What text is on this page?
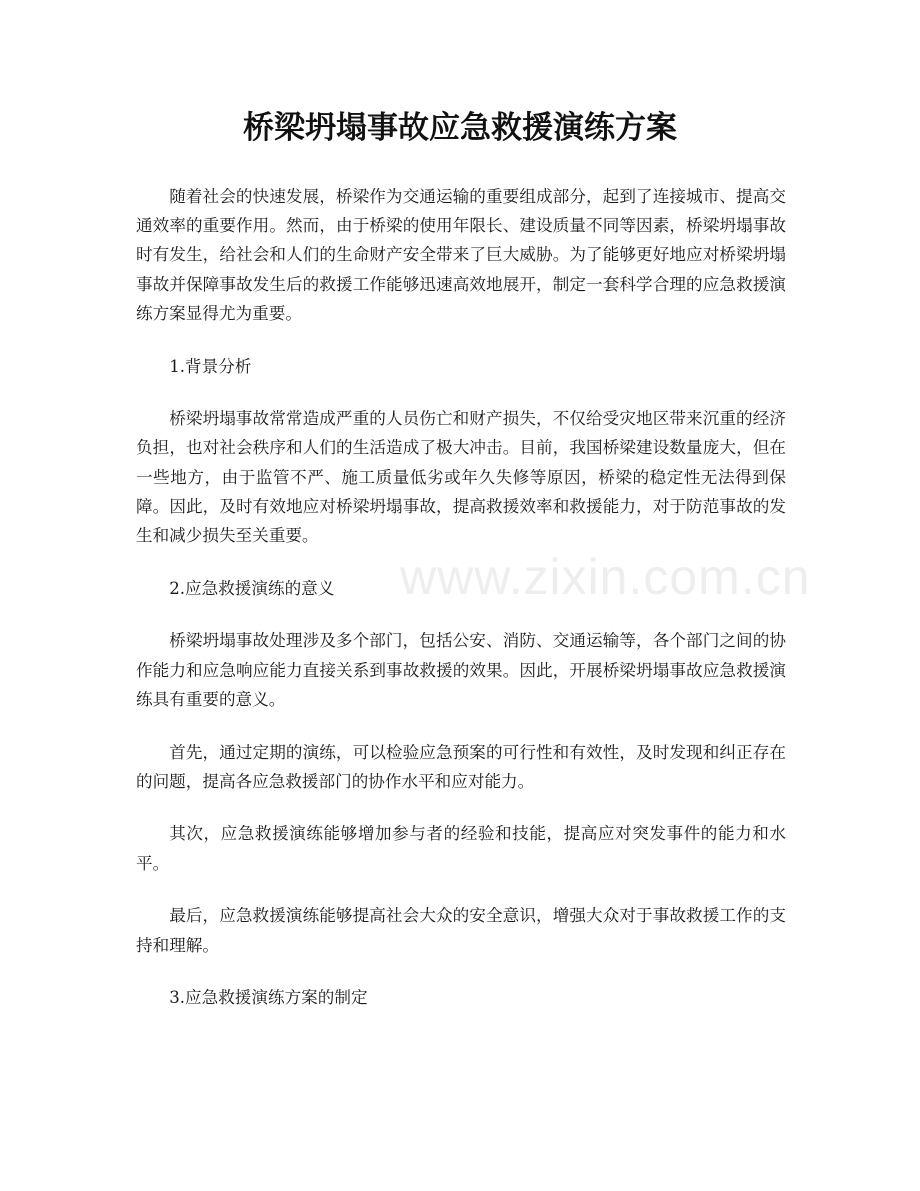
桥梁坍塌事故应急救援演练方案

随着社会的快速发展，桥梁作为交通运输的重要组成部分，起到了连接城市、提高交通效率的重要作用。然而，由于桥梁的使用年限长、建设质量不同等因素，桥梁坍塌事故时有发生，给社会和人们的生命财产安全带来了巨大威胁。为了能够更好地应对桥梁坍塌事故并保障事故发生后的救援工作能够迅速高效地展开，制定一套科学合理的应急救援演练方案显得尤为重要。

1.背景分析

桥梁坍塌事故常常造成严重的人员伤亡和财产损失，不仅给受灾地区带来沉重的经济负担，也对社会秩序和人们的生活造成了极大冲击。目前，我国桥梁建设数量庞大，但在一些地方，由于监管不严、施工质量低劣或年久失修等原因，桥梁的稳定性无法得到保障。因此，及时有效地应对桥梁坍塌事故，提高救援效率和救援能力，对于防范事故的发生和减少损失至关重要。

2.应急救援演练的意义

桥梁坍塌事故处理涉及多个部门，包括公安、消防、交通运输等，各个部门之间的协作能力和应急响应能力直接关系到事故救援的效果。因此，开展桥梁坍塌事故应急救援演练具有重要的意义。

首先，通过定期的演练，可以检验应急预案的可行性和有效性，及时发现和纠正存在的问题，提高各应急救援部门的协作水平和应对能力。

其次，应急救援演练能够增加参与者的经验和技能，提高应对突发事件的能力和水平。

最后，应急救援演练能够提高社会大众的安全意识，增强大众对于事故救援工作的支持和理解。

3.应急救援演练方案的制定

www.zixin.com.cn
